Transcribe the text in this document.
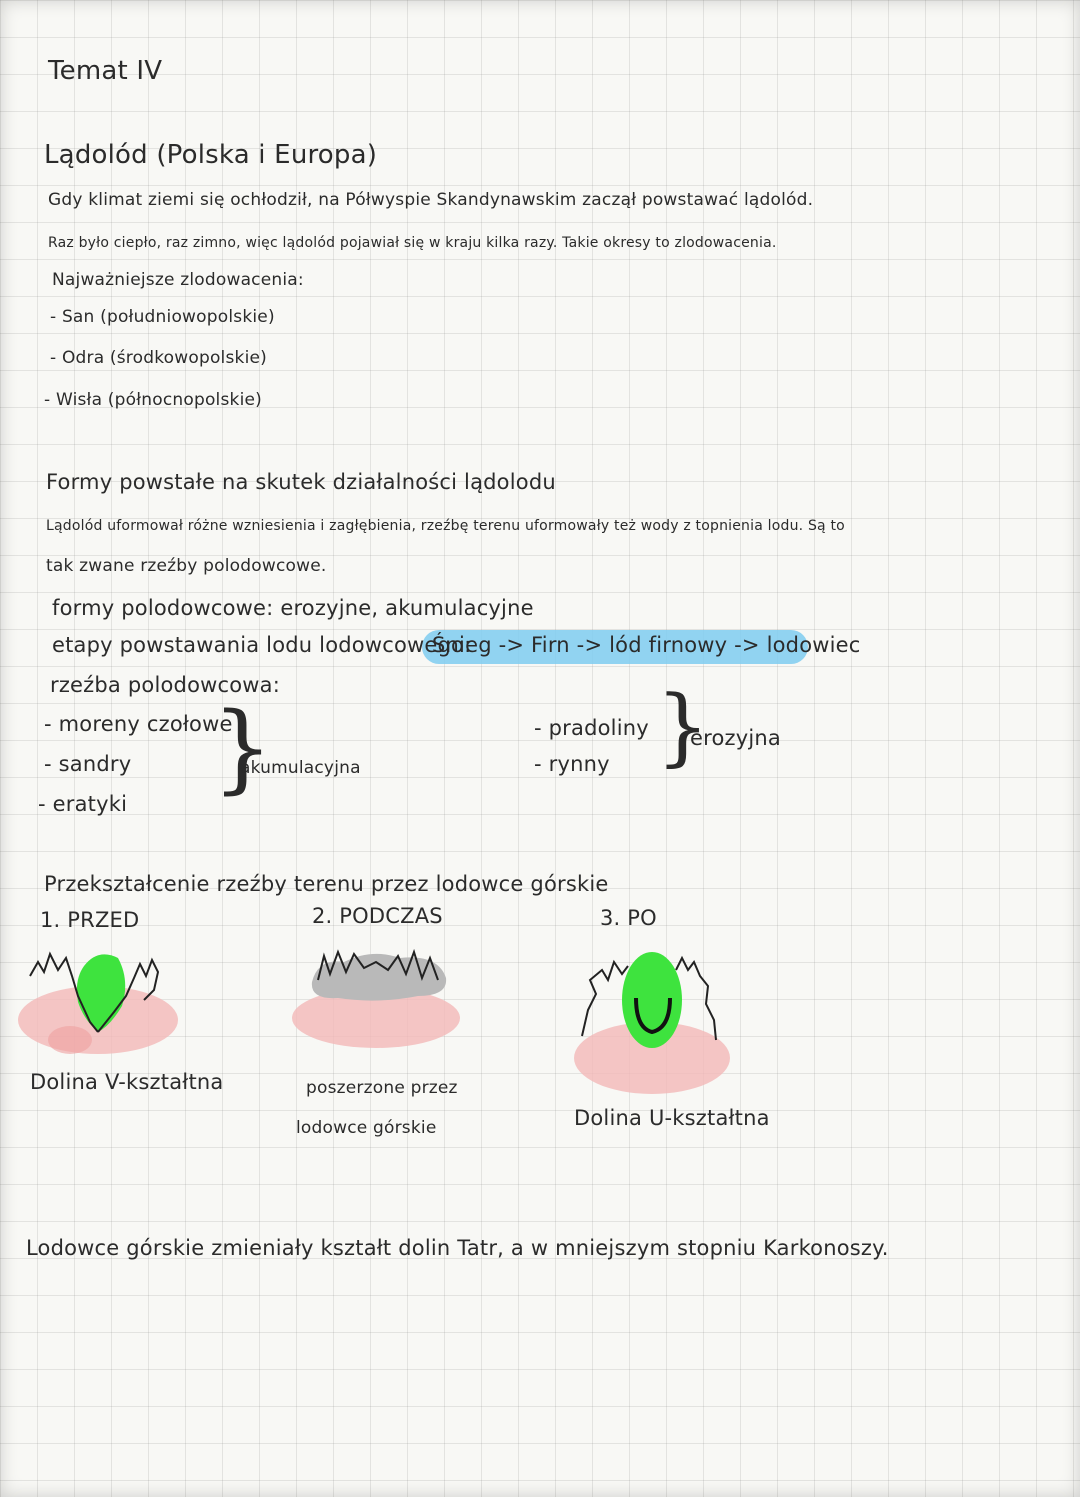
Temat IV
Lądolód (Polska i Europa)
Gdy klimat ziemi się ochłodził, na Półwyspie Skandynawskim zaczął powstawać lądolód.
Raz było ciepło, raz zimno, więc lądolód pojawiał się w kraju kilka razy. Takie okresy to zlodowacenia.
Najważniejsze zlodowacenia:
- San (południowopolskie)
- Odra (środkowopolskie)
- Wisła (północnopolskie)
Formy powstałe na skutek działalności lądolodu
Lądolód uformował różne wzniesienia i zagłębienia, rzeźbę terenu uformowały też wody z topnienia lodu. Są to
tak zwane rzeźby polodowcowe.
formy polodowcowe: erozyjne, akumulacyjne
etapy powstawania lodu lodowcowego:
Śnieg -> Firn -> lód firnowy -> lodowiec
rzeźba polodowcowa:
- moreny czołowe
- sandry
- eratyki }
akumulacyjna
- pradoliny
- rynny }
erozyjna
Przekształcenie rzeźby terenu przez lodowce górskie
1. PRZED	2. PODCZAS	3. PO
Dolina V-kształtna	poszerzone przez
lodowce górskie	Dolina U-kształtna
Lodowce górskie zmieniały kształt dolin Tatr, a w mniejszym stopniu Karkonoszy.
